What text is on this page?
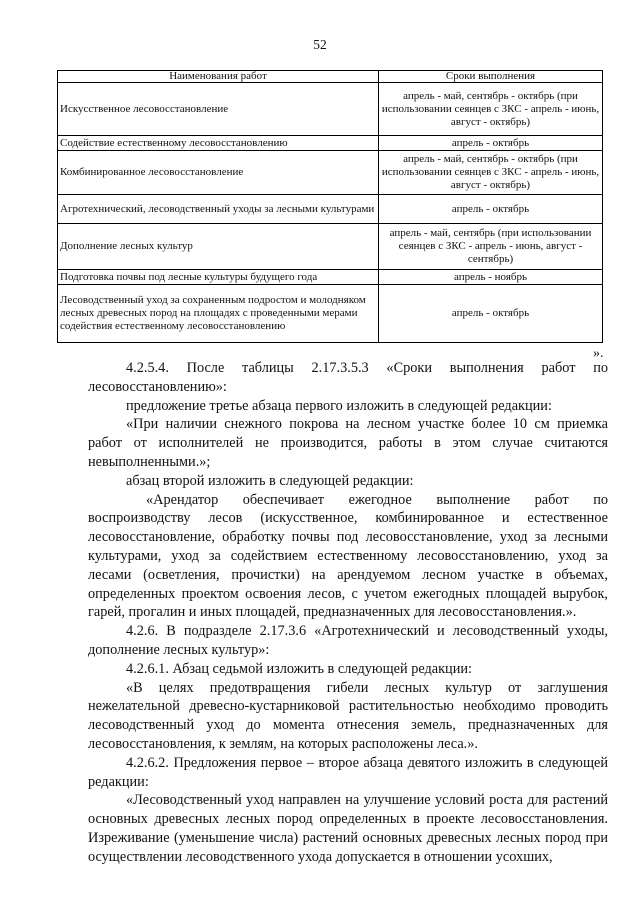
52
Наименования работ	Сроки выполнения
Искусственное лесовосстановление	апрель - май, сентябрь - октябрь (при использовании сеянцев с ЗКС - апрель - июнь, август - октябрь)
Содействие естественному лесовосстановлению	апрель - октябрь
Комбинированное лесовосстановление	апрель - май, сентябрь - октябрь (при использовании сеянцев с ЗКС - апрель - июнь, август - октябрь)
Агротехнический, лесоводственный уходы за лесными культурами	апрель - октябрь
Дополнение лесных культур	апрель - май, сентябрь (при использовании сеянцев с ЗКС - апрель - июнь, август - сентябрь)
Подготовка почвы под лесные культуры будущего года	апрель - ноябрь
Лесоводственный уход за сохраненным подростом и молодняком лесных древесных пород на площадях с проведенными мерами содействия естественному лесовосстановлению	апрель - октябрь
».

4.2.5.4. После таблицы 2.17.3.5.3 «Сроки выполнения работ по лесовосстановлению»:

предложение третье абзаца первого изложить в следующей редакции:

«При наличии снежного покрова на лесном участке более 10 см приемка работ от исполнителей не производится, работы в этом случае считаются невыполненными.»;

абзац второй изложить в следующей редакции:

«Арендатор обеспечивает ежегодное выполнение работ по воспроизводству лесов (искусственное, комбинированное и естественное лесовосстановление, обработку почвы под лесовосстановление, уход за лесными культурами, уход за содействием естественному лесовосстановлению, уход за лесами (осветления, прочистки) на арендуемом лесном участке в объемах, определенных проектом освоения лесов, с учетом ежегодных площадей вырубок, гарей, прогалин и иных площадей, предназначенных для лесовосстановления.».

4.2.6. В подразделе 2.17.3.6 «Агротехнический и лесоводственный уходы, дополнение лесных культур»:

4.2.6.1. Абзац седьмой изложить в следующей редакции:

«В целях предотвращения гибели лесных культур от заглушения нежелательной древесно-кустарниковой растительностью необходимо проводить лесоводственный уход до момента отнесения земель, предназначенных для лесовосстановления, к землям, на которых расположены леса.».

4.2.6.2. Предложения первое – второе абзаца девятого изложить в следующей редакции:

«Лесоводственный уход направлен на улучшение условий роста для растений основных древесных лесных пород определенных в проекте лесовосстановления. Изреживание (уменьшение числа) растений основных древесных лесных пород при осуществлении лесоводственного ухода допускается в отношении усохших,
